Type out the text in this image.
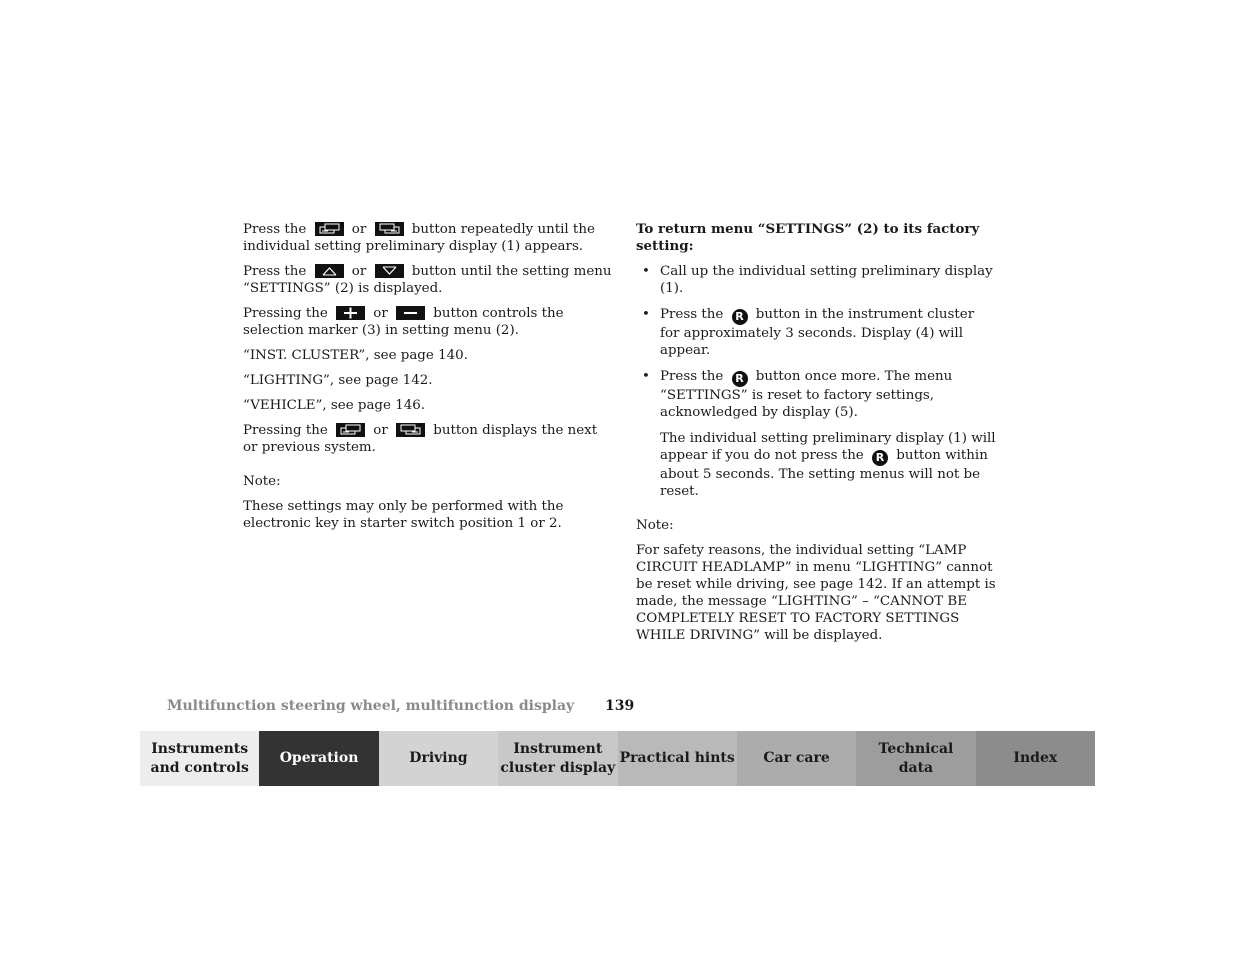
Press the	or	button repeatedly until the individual setting preliminary display (1) appears.

Press the	or	button until the setting menu “SETTINGS” (2) is displayed.

Pressing the	or	button controls the selection marker (3) in setting menu (2).

“INST. CLUSTER”, see page 140.

“LIGHTING”, see page 142.

“VEHICLE”, see page 146.

Pressing the	or	button displays the next or previous system.

Note:

These settings may only be performed with the electronic key in starter switch position 1 or 2.

To return menu “SETTINGS” (2) to its factory setting:

• Call up the individual setting preliminary display (1).
• Press the R button in the instrument cluster for approximately 3 seconds. Display (4) will appear.
• Press the R button once more. The menu “SETTINGS” is reset to factory settings, acknowledged by display (5).

The individual setting preliminary display (1) will appear if you do not press the R button within about 5 seconds. The setting menus will not be reset.

Note:

For safety reasons, the individual setting “LAMP CIRCUIT HEADLAMP” in menu “LIGHTING” cannot be reset while driving, see page 142. If an attempt is made, the message “LIGHTING” – “CANNOT BE COMPLETELY RESET TO FACTORY SETTINGS WHILE DRIVING” will be displayed.

Multifunction steering wheel, multifunction display 139
Instruments
and controls
Operation	Driving
Instrument
cluster display
Practical hints Car care
Technical
data
Index
